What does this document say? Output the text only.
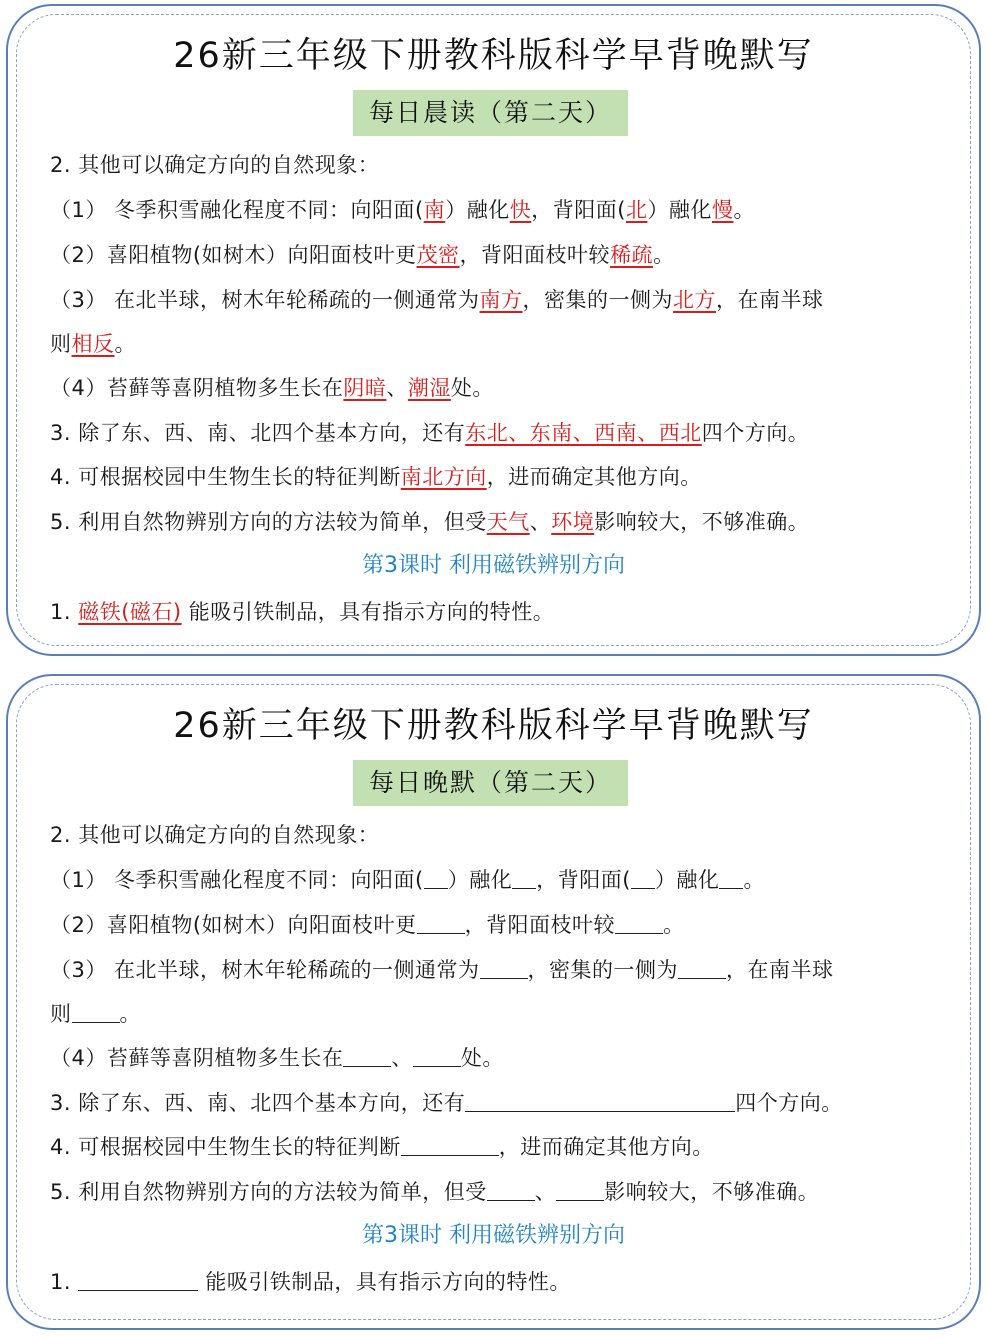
26新三年级下册教科版科学早背晚默写
每日晨读（第二天）
2. 其他可以确定方向的自然现象：
（1） 冬季积雪融化程度不同：向阳面(南）融化快，背阳面(北）融化慢。
（2）喜阳植物(如树木）向阳面枝叶更茂密，背阳面枝叶较稀疏。
（3） 在北半球，树木年轮稀疏的一侧通常为南方，密集的一侧为北方，在南半球
则相反。
（4）苔藓等喜阴植物多生长在阴暗、潮湿处。
3. 除了东、西、南、北四个基本方向，还有东北、东南、西南、西北四个方向。
4. 可根据校园中生物生长的特征判断南北方向，进而确定其他方向。
5. 利用自然物辨别方向的方法较为简单，但受天气、环境影响较大，不够准确。
第3课时 利用磁铁辨别方向
1. 磁铁(磁石) 能吸引铁制品，具有指示方向的特性。
26新三年级下册教科版科学早背晚默写
每日晚默（第二天）
2. 其他可以确定方向的自然现象：
（1） 冬季积雪融化程度不同：向阳面( ）融化 ，背阳面( ）融化 。
（2）喜阳植物(如树木）向阳面枝叶更 ，背阳面枝叶较 。
（3） 在北半球，树木年轮稀疏的一侧通常为 ，密集的一侧为 ，在南半球
则 。
（4）苔藓等喜阴植物多生长在 、 处。
3. 除了东、西、南、北四个基本方向，还有	四个方向。
4. 可根据校园中生物生长的特征判断	，进而确定其他方向。
5. 利用自然物辨别方向的方法较为简单，但受 、 影响较大，不够准确。
第3课时 利用磁铁辨别方向
1.	能吸引铁制品，具有指示方向的特性。
